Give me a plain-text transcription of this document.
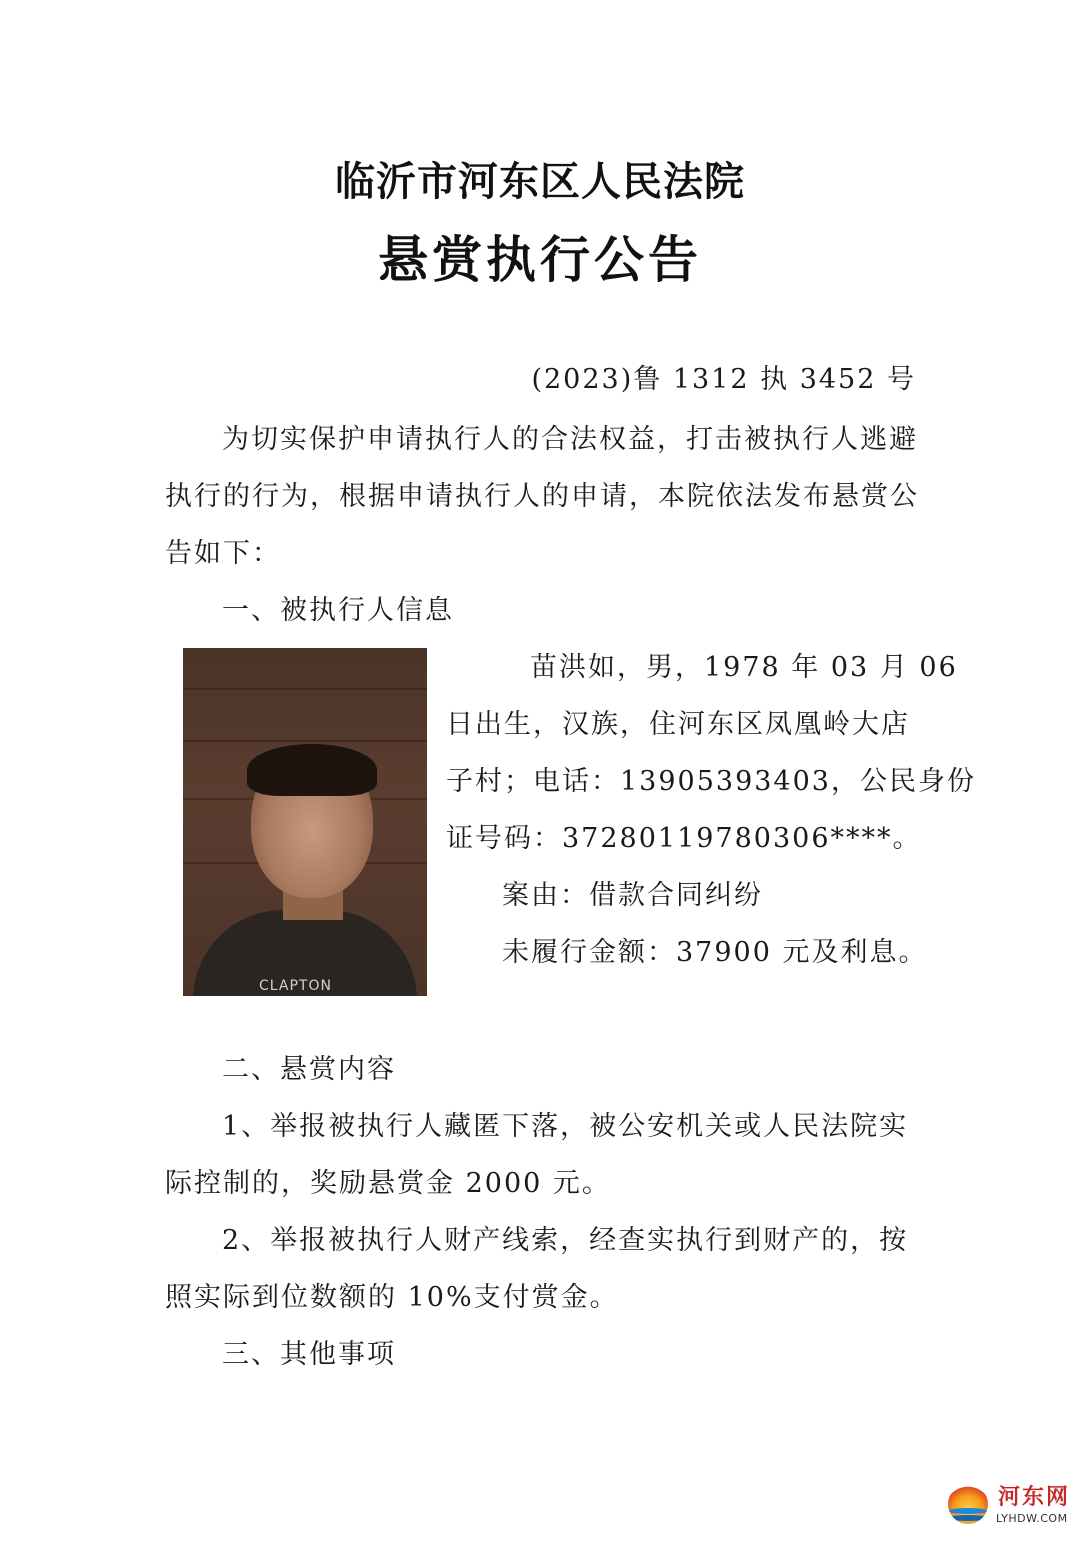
临沂市河东区人民法院
悬赏执行公告
(2023)鲁 1312 执 3452 号
为切实保护申请执行人的合法权益，打击被执行人逃避
执行的行为，根据申请执行人的申请，本院依法发布悬赏公
告如下：
一、被执行人信息
CLAPTON
苗洪如，男，1978 年 03 月 06
日出生，汉族，住河东区凤凰岭大店
子村；电话：13905393403，公民身份
证号码：37280119780306****。
案由：借款合同纠纷
未履行金额：37900 元及利息。
二、悬赏内容
1、举报被执行人藏匿下落，被公安机关或人民法院实
际控制的，奖励悬赏金 2000 元。
2、举报被执行人财产线索，经查实执行到财产的，按
照实际到位数额的 10%支付赏金。
三、其他事项
河东网
LYHDW.COM
